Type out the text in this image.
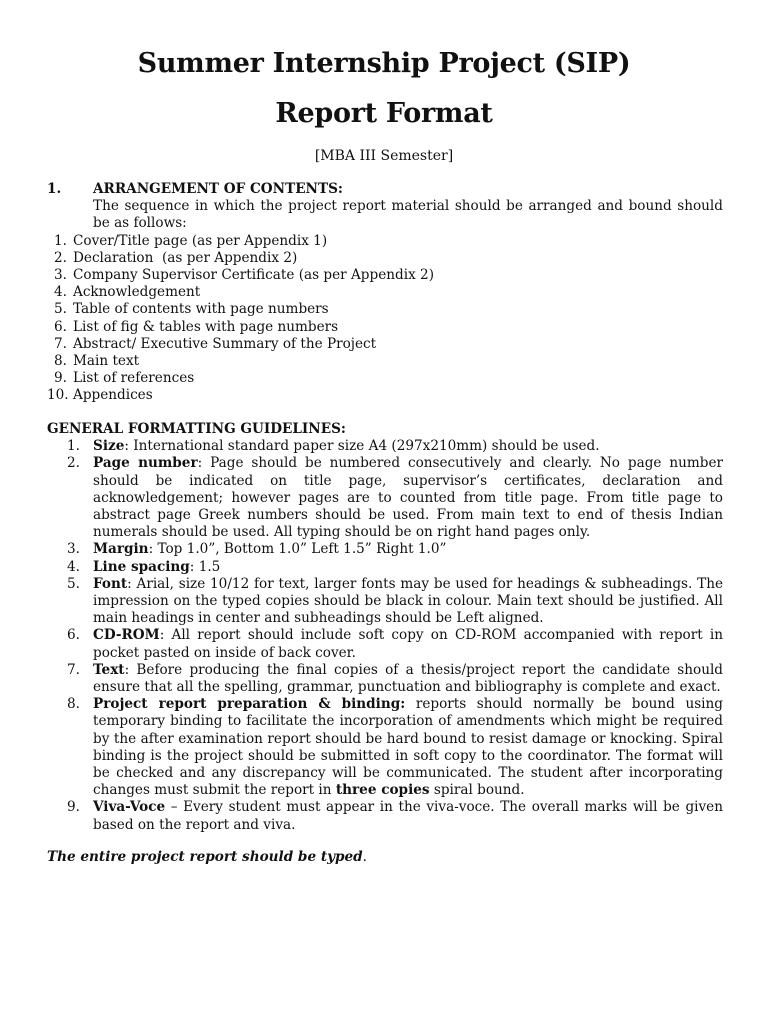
Summer Internship Project (SIP)
Report Format
[MBA III Semester]
1.	ARRANGEMENT OF CONTENTS:
The sequence in which the project report material should be arranged and bound should be as follows:
1. Cover/Title page (as per Appendix 1)
2. Declaration  (as per Appendix 2)
3. Company Supervisor Certificate (as per Appendix 2)
4. Acknowledgement
5. Table of contents with page numbers
6. List of fig & tables with page numbers
7. Abstract/ Executive Summary of the Project
8. Main text
9. List of references
10. Appendices
GENERAL FORMATTING GUIDELINES:
1. Size: International standard paper size A4 (297x210mm) should be used.
2. Page number: Page should be numbered consecutively and clearly. No page number should be indicated on title page, supervisor’s certificates, declaration and acknowledgement; however pages are to counted from title page. From title page to abstract page Greek numbers should be used. From main text to end of thesis Indian numerals should be used. All typing should be on right hand pages only.
3. Margin: Top 1.0”, Bottom 1.0” Left 1.5” Right 1.0”
4. Line spacing: 1.5
5. Font: Arial, size 10/12 for text, larger fonts may be used for headings & subheadings. The impression on the typed copies should be black in colour. Main text should be justified. All main headings in center and subheadings should be Left aligned.
6. CD-ROM: All report should include soft copy on CD-ROM accompanied with report in pocket pasted on inside of back cover.
7. Text: Before producing the final copies of a thesis/project report the candidate should ensure that all the spelling, grammar, punctuation and bibliography is complete and exact.
8. Project report preparation & binding: reports should normally be bound using temporary binding to facilitate the incorporation of amendments which might be required by the after examination report should be hard bound to resist damage or knocking. Spiral binding is the project should be submitted in soft copy to the coordinator. The format will be checked and any discrepancy will be communicated. The student after incorporating changes must submit the report in three copies spiral bound.
9. Viva-Voce – Every student must appear in the viva-voce. The overall marks will be given based on the report and viva.
The entire project report should be typed.
